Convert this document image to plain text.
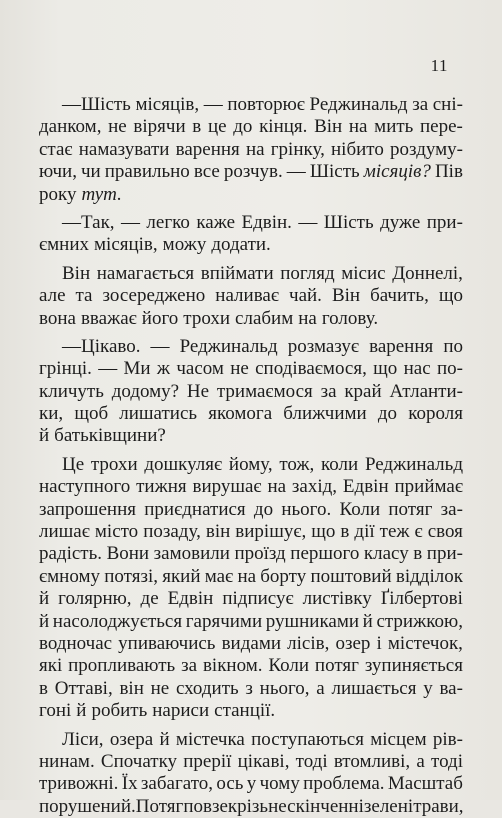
11
—Шість місяців, — повторює Реджинальд за сні-
данком, не вірячи в це до кінця. Він на мить пере-
стає намазувати варення на грінку, нібито роздуму-
ючи, чи правильно все розчув. — Шість місяців? Пів
року тут.
—Так, — легко каже Едвін. — Шість дуже при-
ємних місяців, можу додати.
Він намагається впіймати погляд місис Доннелі,
але та зосереджено наливає чай. Він бачить, що
вона вважає його трохи слабим на голову.
—Цікаво. — Реджинальд розмазує варення по
грінці. — Ми ж часом не сподіваємося, що нас по-
кличуть додому? Не тримаємося за край Атланти-
ки, щоб лишатись якомога ближчими до короля
й батьківщини?
Це трохи дошкуляє йому, тож, коли Реджинальд
наступного тижня вирушає на захід, Едвін приймає
запрошення приєднатися до нього. Коли потяг за-
лишає місто позаду, він вирішує, що в дії теж є своя
радість. Вони замовили проїзд першого класу в при-
ємному потязі, який має на борту поштовий відділок
й голярню, де Едвін підписує листівку Ґілбертові
й насолоджується гарячими рушниками й стрижкою,
водночас упиваючись видами лісів, озер і містечок,
які пропливають за вікном. Коли потяг зупиняється
в Оттаві, він не сходить з нього, а лишається у ва-
гоні й робить нариси станції.
Ліси, озера й містечка поступаються місцем рів-
нинам. Спочатку прерії цікаві, тоді втомливі, а тоді
тривожні. Їх забагато, ось у чому проблема. Масштаб
порушений. Потяг повзе крізь нескінченні зелені трави,
